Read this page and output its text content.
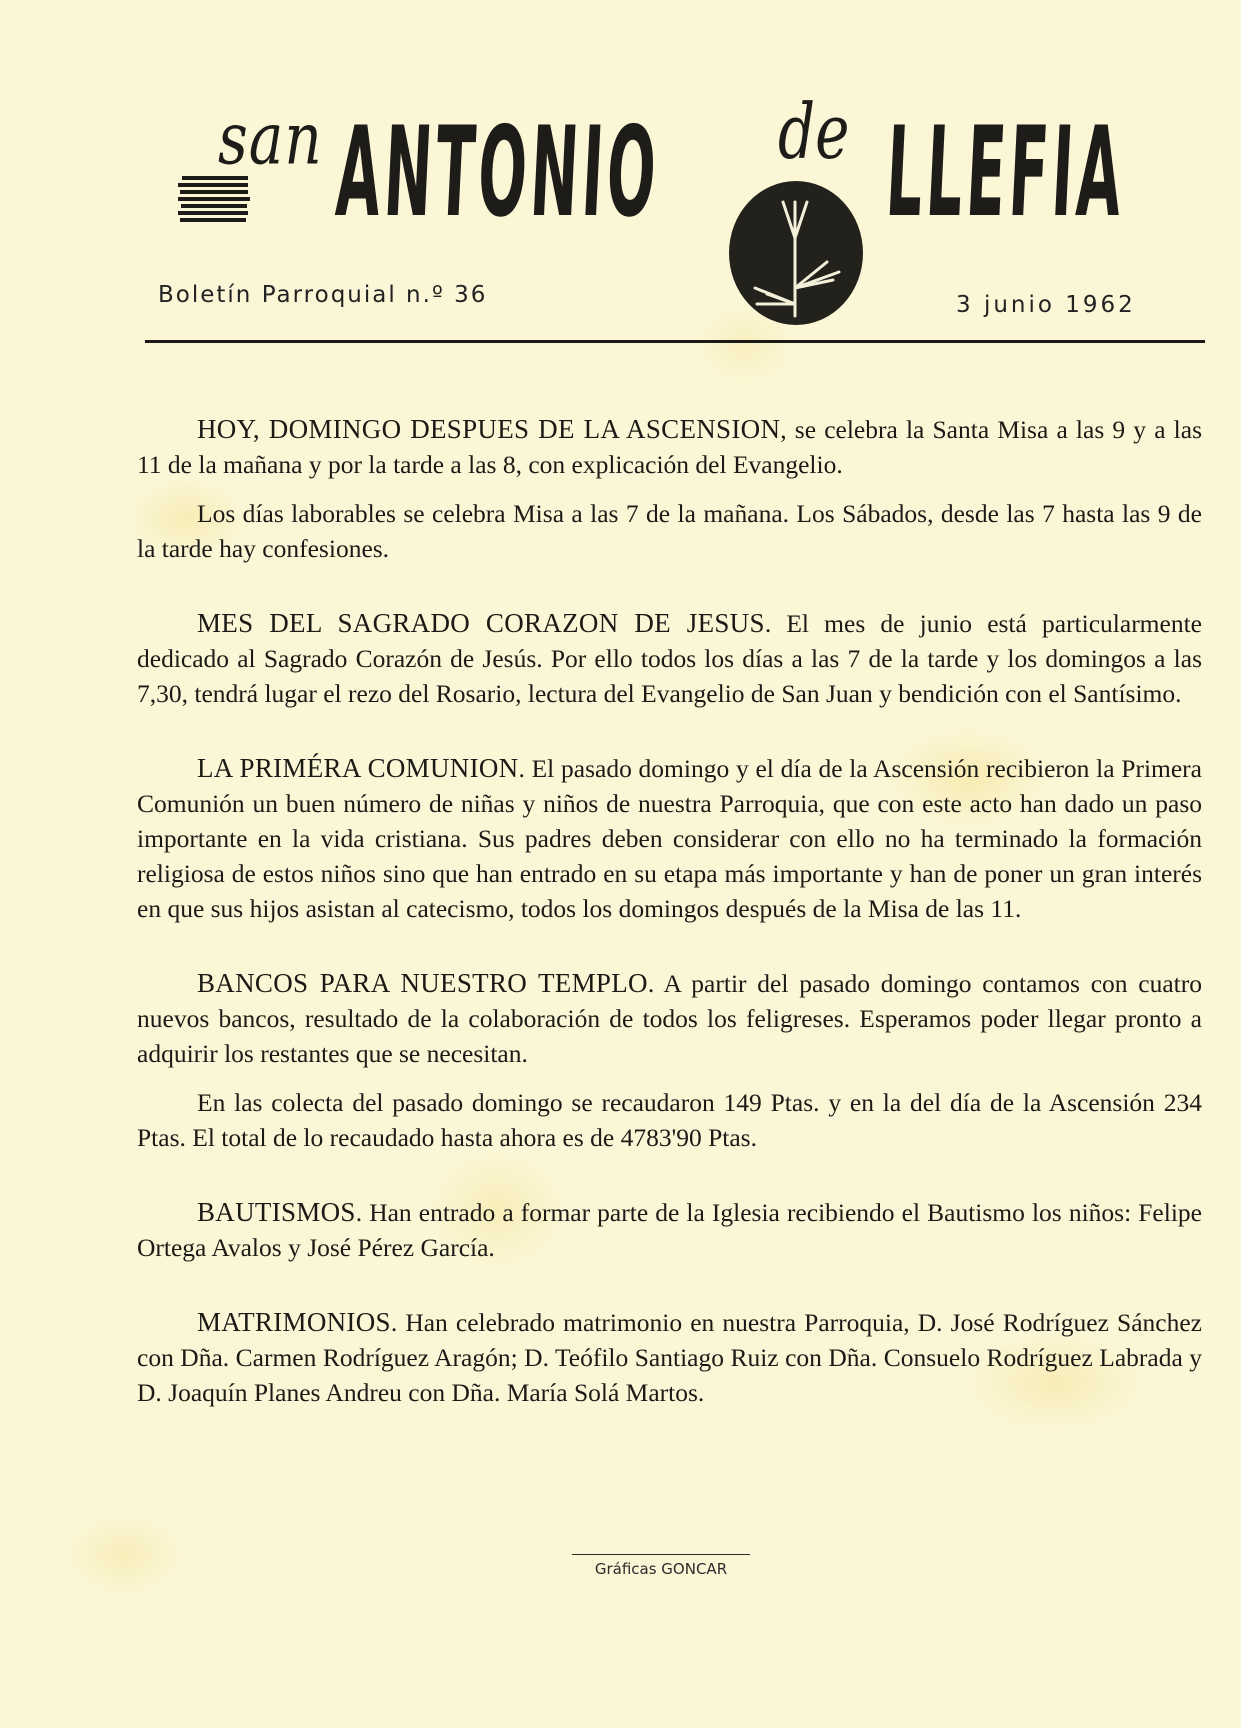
san ANTONIO de LLEFIA
Boletín Parroquial n.º 36	3 junio 1962

HOY, DOMINGO DESPUES DE LA ASCENSION, se celebra la Santa Misa a las 9 y a las 11 de la mañana y por la tarde a las 8, con explicación del Evangelio.

Los días laborables se celebra Misa a las 7 de la mañana. Los Sábados, desde las 7 hasta las 9 de la tarde hay confesiones.

MES DEL SAGRADO CORAZON DE JESUS. El mes de junio está particularmente dedicado al Sagrado Corazón de Jesús. Por ello todos los días a las 7 de la tarde y los domingos a las 7,30, tendrá lugar el rezo del Rosario, lectura del Evangelio de San Juan y bendición con el Santísimo.

LA PRIMÉRA COMUNION. El pasado domingo y el día de la Ascensión recibieron la Primera Comunión un buen número de niñas y niños de nuestra Parroquia, que con este acto han dado un paso importante en la vida cristiana. Sus padres deben considerar con ello no ha terminado la formación religiosa de estos niños sino que han entrado en su etapa más importante y han de poner un gran interés en que sus hijos asistan al catecismo, todos los domingos después de la Misa de las 11.

BANCOS PARA NUESTRO TEMPLO. A partir del pasado domingo contamos con cuatro nuevos bancos, resultado de la colaboración de todos los feligreses. Esperamos poder llegar pronto a adquirir los restantes que se necesitan.

En las colecta del pasado domingo se recaudaron 149 Ptas. y en la del día de la Ascensión 234 Ptas. El total de lo recaudado hasta ahora es de 4783'90 Ptas.

BAUTISMOS. Han entrado a formar parte de la Iglesia recibiendo el Bautismo los niños: Felipe Ortega Avalos y José Pérez García.

MATRIMONIOS. Han celebrado matrimonio en nuestra Parroquia, D. José Rodríguez Sánchez con Dña. Carmen Rodríguez Aragón; D. Teófilo Santiago Ruiz con Dña. Consuelo Rodríguez Labrada y D. Joaquín Planes Andreu con Dña. María Solá Martos.

Gráficas GONCAR
